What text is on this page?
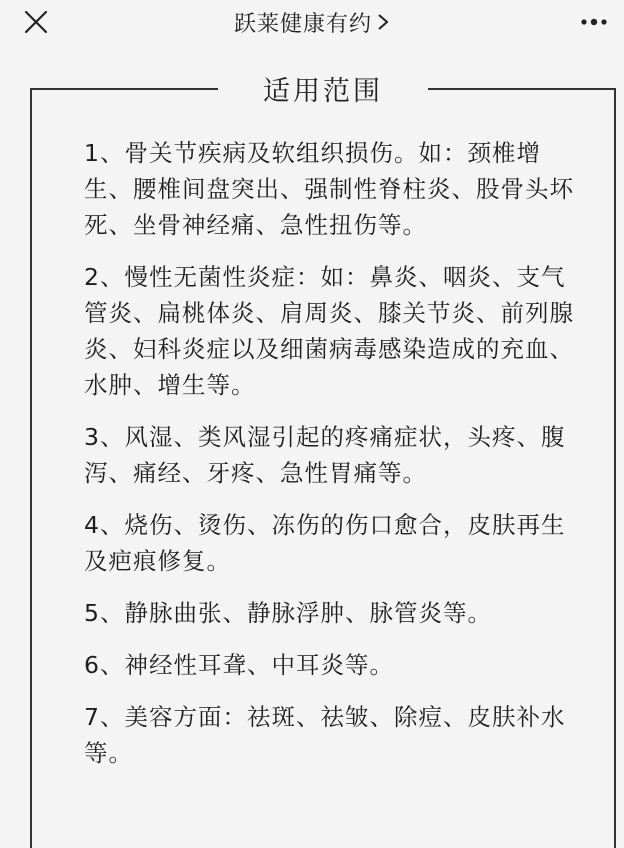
跃莱健康有约
适用范围

1、骨关节疾病及软组织损伤。如：颈椎增生、腰椎间盘突出、强制性脊柱炎、股骨头坏死、坐骨神经痛、急性扭伤等。

2、慢性无菌性炎症：如：鼻炎、咽炎、支气管炎、扁桃体炎、肩周炎、膝关节炎、前列腺炎、妇科炎症以及细菌病毒感染造成的充血、水肿、增生等。

3、风湿、类风湿引起的疼痛症状，头疼、腹泻、痛经、牙疼、急性胃痛等。

4、烧伤、烫伤、冻伤的伤口愈合，皮肤再生及疤痕修复。

5、静脉曲张、静脉浮肿、脉管炎等。

6、神经性耳聋、中耳炎等。

7、美容方面：祛斑、祛皱、除痘、皮肤补水等。
